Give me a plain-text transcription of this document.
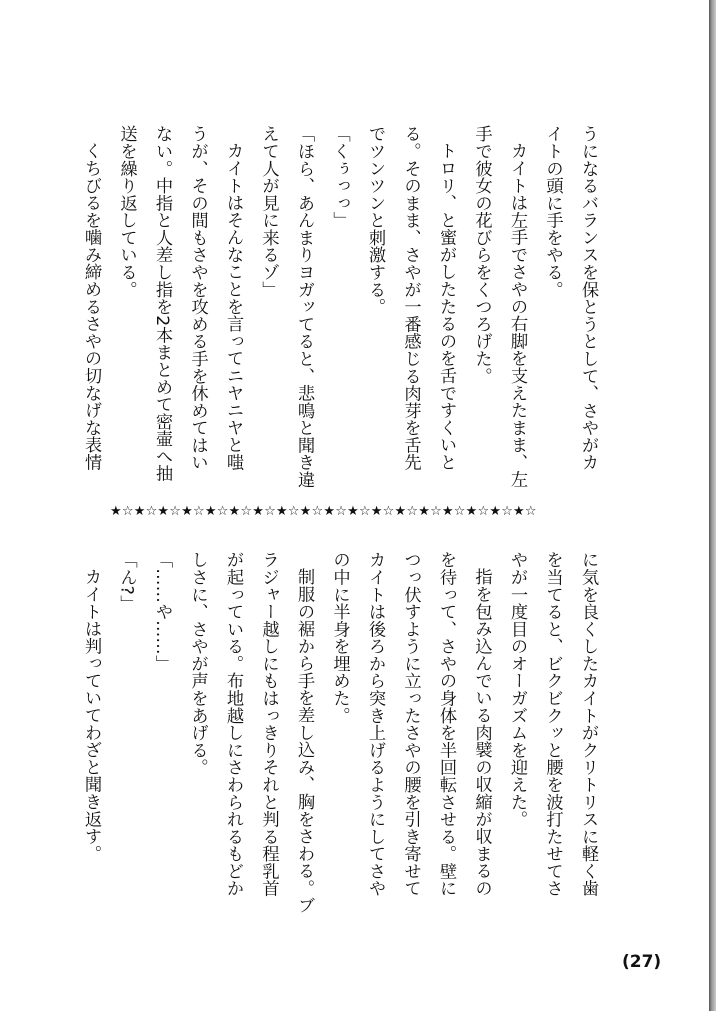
うになるバランスを保とうとして、さやがカ
イトの頭に手をやる。
カイトは左手でさやの右脚を支えたまま、左
手で彼女の花びらをくつろげた。
トロリ、と蜜がしたたるのを舌ですくいと
る。そのまま、さやが一番感じる肉芽を舌先
でツンツンと刺激する。
「くぅっっ」
「ほら、あんまりヨガッてると、悲鳴と聞き違
えて人が見に来るゾ」
カイトはそんなことを言ってニヤニヤと嗤
うが、その間もさやを攻める手を休めてはい
ない。中指と人差し指を2本まとめて密壷へ抽
送を繰り返している。
くちびるを噛み締めるさやの切なげな表情
★☆★☆★☆★☆★☆★☆★☆★☆★☆★☆★☆★☆★☆★☆★☆★☆★☆★☆
に気を良くしたカイトがクリトリスに軽く歯
を当てると、ビクビクッと腰を波打たせてさ
やが一度目のオーガズムを迎えた。
指を包み込んでいる肉襞の収縮が収まるの
を待って、さやの身体を半回転させる。壁に
つっ伏すように立ったさやの腰を引き寄せて
カイトは後ろから突き上げるようにしてさや
の中に半身を埋めた。
制服の裾から手を差し込み、胸をさわる。ブ
ラジャー越しにもはっきりそれと判る程乳首
が起っている。布地越しにさわられるもどか
しさに、さやが声をあげる。
「……や……」
「ん?」
カイトは判っていてわざと聞き返す。
(27)
